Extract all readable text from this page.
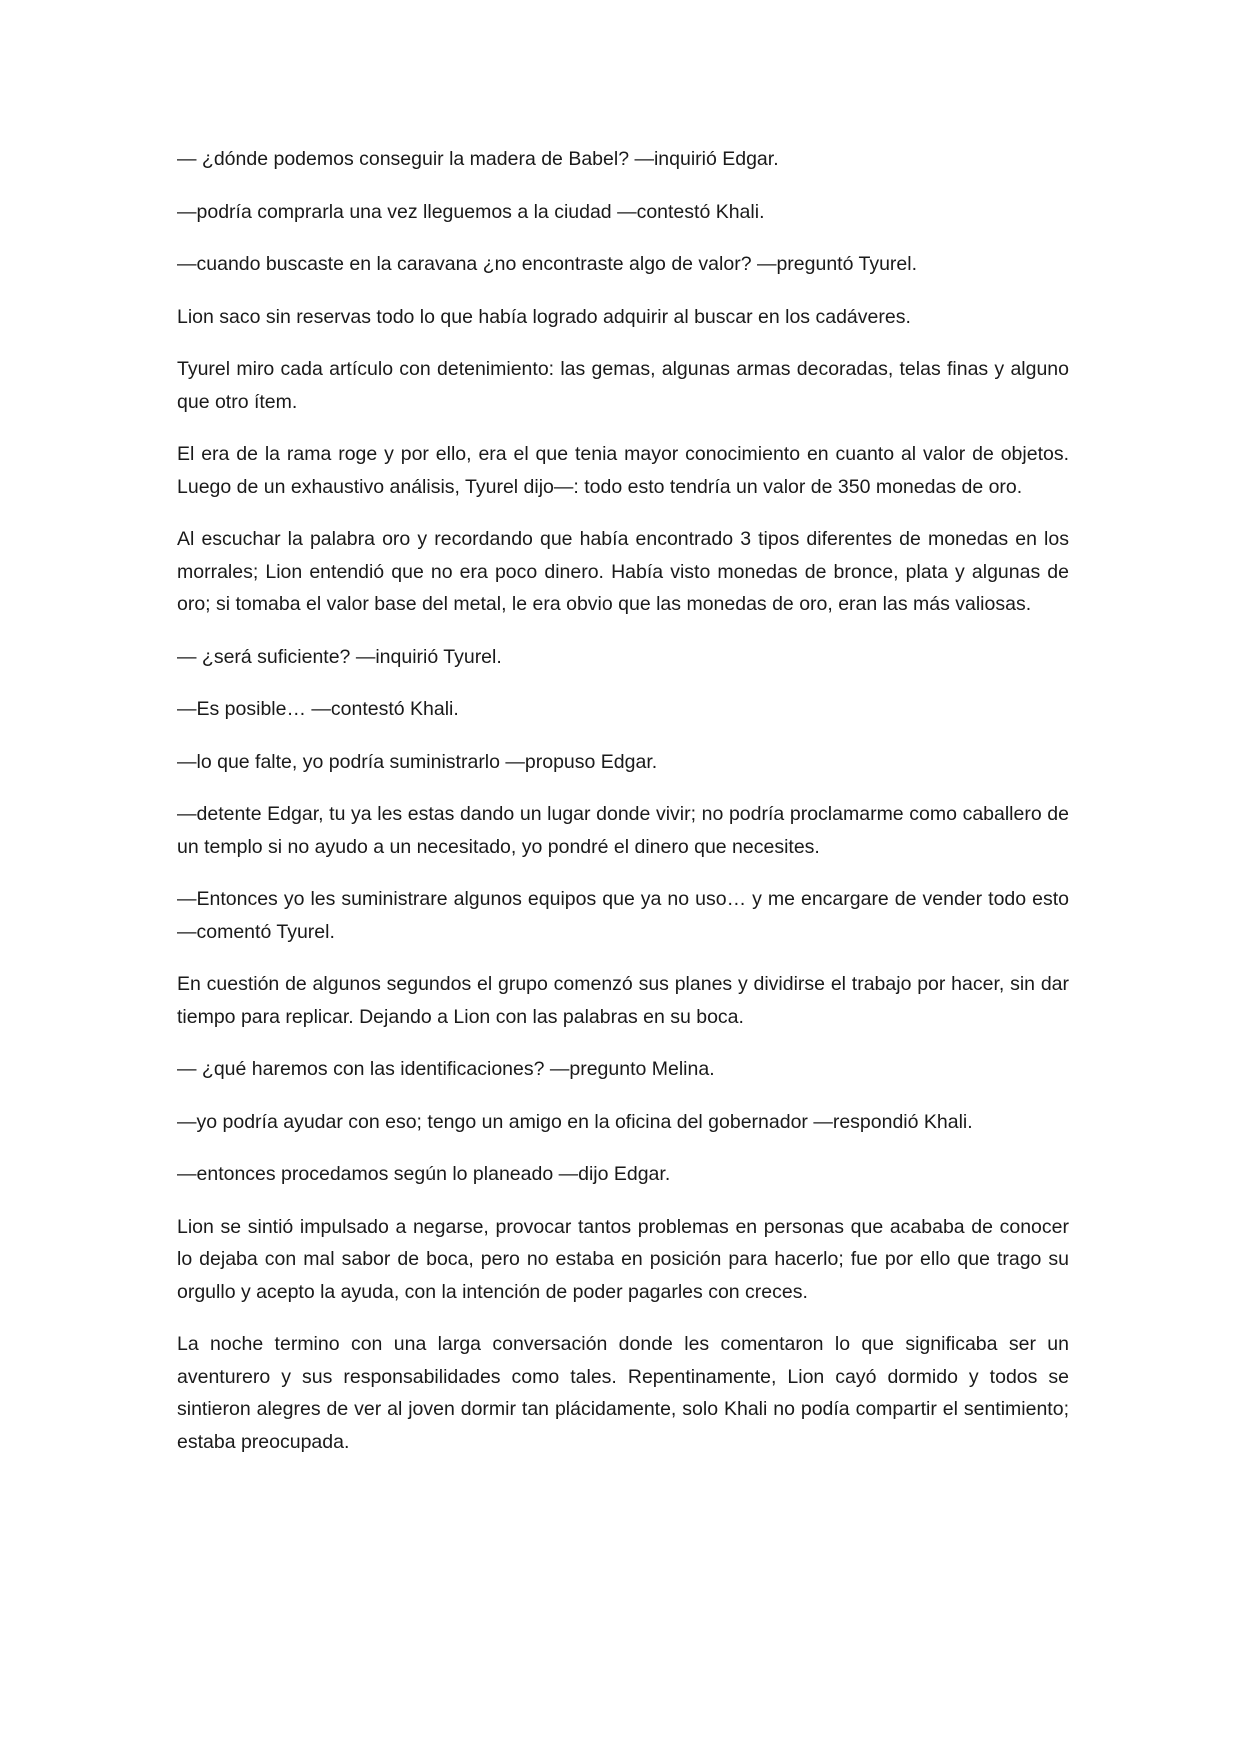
— ¿dónde podemos conseguir la madera de Babel? —inquirió Edgar.

—podría comprarla una vez lleguemos a la ciudad —contestó Khali.

—cuando buscaste en la caravana ¿no encontraste algo de valor? —preguntó Tyurel.

Lion saco sin reservas todo lo que había logrado adquirir al buscar en los cadáveres.

Tyurel miro cada artículo con detenimiento: las gemas, algunas armas decoradas, telas finas y alguno que otro ítem.

El era de la rama roge y por ello, era el que tenia mayor conocimiento en cuanto al valor de objetos. Luego de un exhaustivo análisis, Tyurel dijo—: todo esto tendría un valor de 350 monedas de oro.

Al escuchar la palabra oro y recordando que había encontrado 3 tipos diferentes de monedas en los morrales; Lion entendió que no era poco dinero. Había visto monedas de bronce, plata y algunas de oro; si tomaba el valor base del metal, le era obvio que las monedas de oro, eran las más valiosas.

— ¿será suficiente? —inquirió Tyurel.

—Es posible… —contestó Khali.

—lo que falte, yo podría suministrarlo —propuso Edgar.

—detente Edgar, tu ya les estas dando un lugar donde vivir; no podría proclamarme como caballero de un templo si no ayudo a un necesitado, yo pondré el dinero que necesites.

—Entonces yo les suministrare algunos equipos que ya no uso… y me encargare de vender todo esto —comentó Tyurel.

En cuestión de algunos segundos el grupo comenzó sus planes y dividirse el trabajo por hacer, sin dar tiempo para replicar. Dejando a Lion con las palabras en su boca.

— ¿qué haremos con las identificaciones? —pregunto Melina.

—yo podría ayudar con eso; tengo un amigo en la oficina del gobernador —respondió Khali.

—entonces procedamos según lo planeado —dijo Edgar.

Lion se sintió impulsado a negarse, provocar tantos problemas en personas que acababa de conocer lo dejaba con mal sabor de boca, pero no estaba en posición para hacerlo; fue por ello que trago su orgullo y acepto la ayuda, con la intención de poder pagarles con creces.

La noche termino con una larga conversación donde les comentaron lo que significaba ser un aventurero y sus responsabilidades como tales. Repentinamente, Lion cayó dormido y todos se sintieron alegres de ver al joven dormir tan plácidamente, solo Khali no podía compartir el sentimiento; estaba preocupada.
